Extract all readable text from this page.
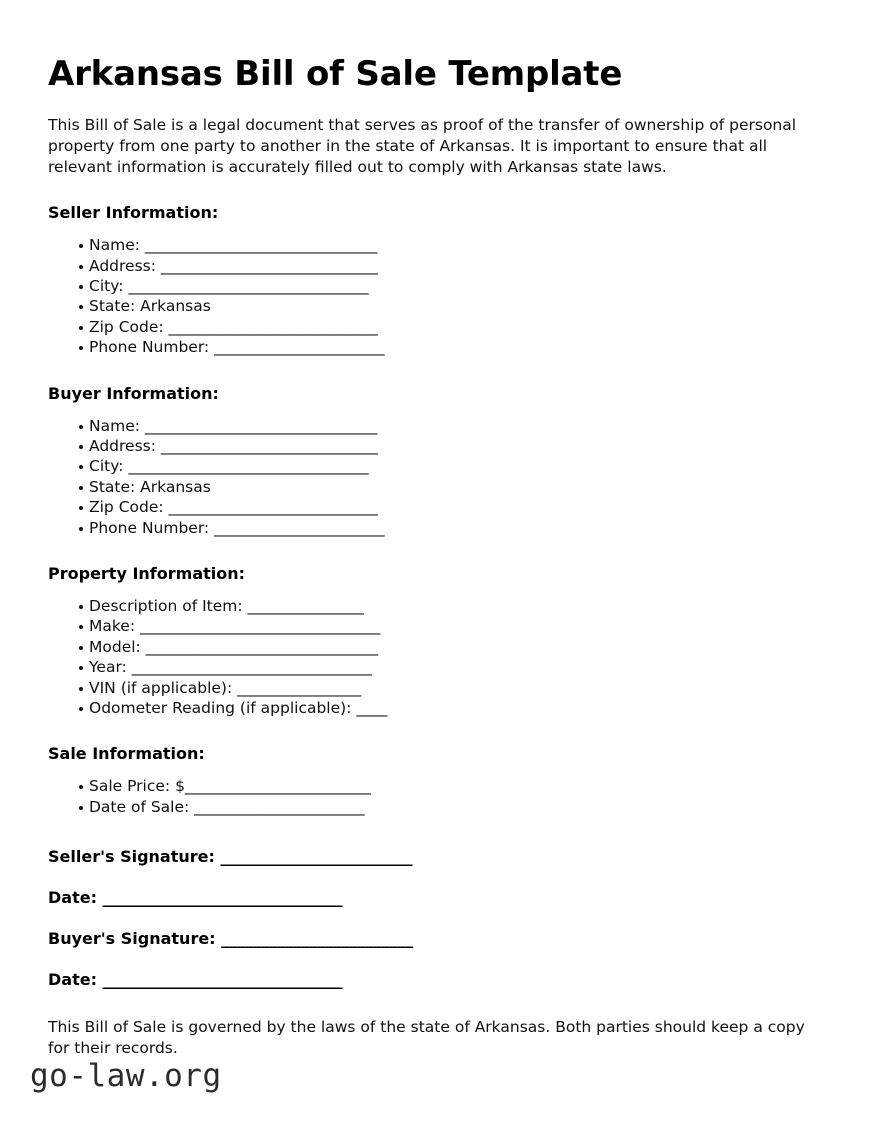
Arkansas Bill of Sale Template

This Bill of Sale is a legal document that serves as proof of the transfer of ownership of personal property from one party to another in the state of Arkansas. It is important to ensure that all relevant information is accurately filled out to comply with Arkansas state laws.

Seller Information:
Name: ______________________________
Address: ____________________________
City: _______________________________
State: Arkansas
Zip Code: ___________________________
Phone Number: ______________________
Buyer Information:
Name: ______________________________
Address: ____________________________
City: _______________________________
State: Arkansas
Zip Code: ___________________________
Phone Number: ______________________
Property Information:
Description of Item: _______________
Make: _______________________________
Model: ______________________________
Year: _______________________________
VIN (if applicable): ________________
Odometer Reading (if applicable): ____
Sale Information:
Sale Price: $________________________
Date of Sale: ______________________

Seller's Signature: ________________________

Date: ______________________________

Buyer's Signature: ________________________

Date: ______________________________

This Bill of Sale is governed by the laws of the state of Arkansas. Both parties should keep a copy for their records.

go-law.org
